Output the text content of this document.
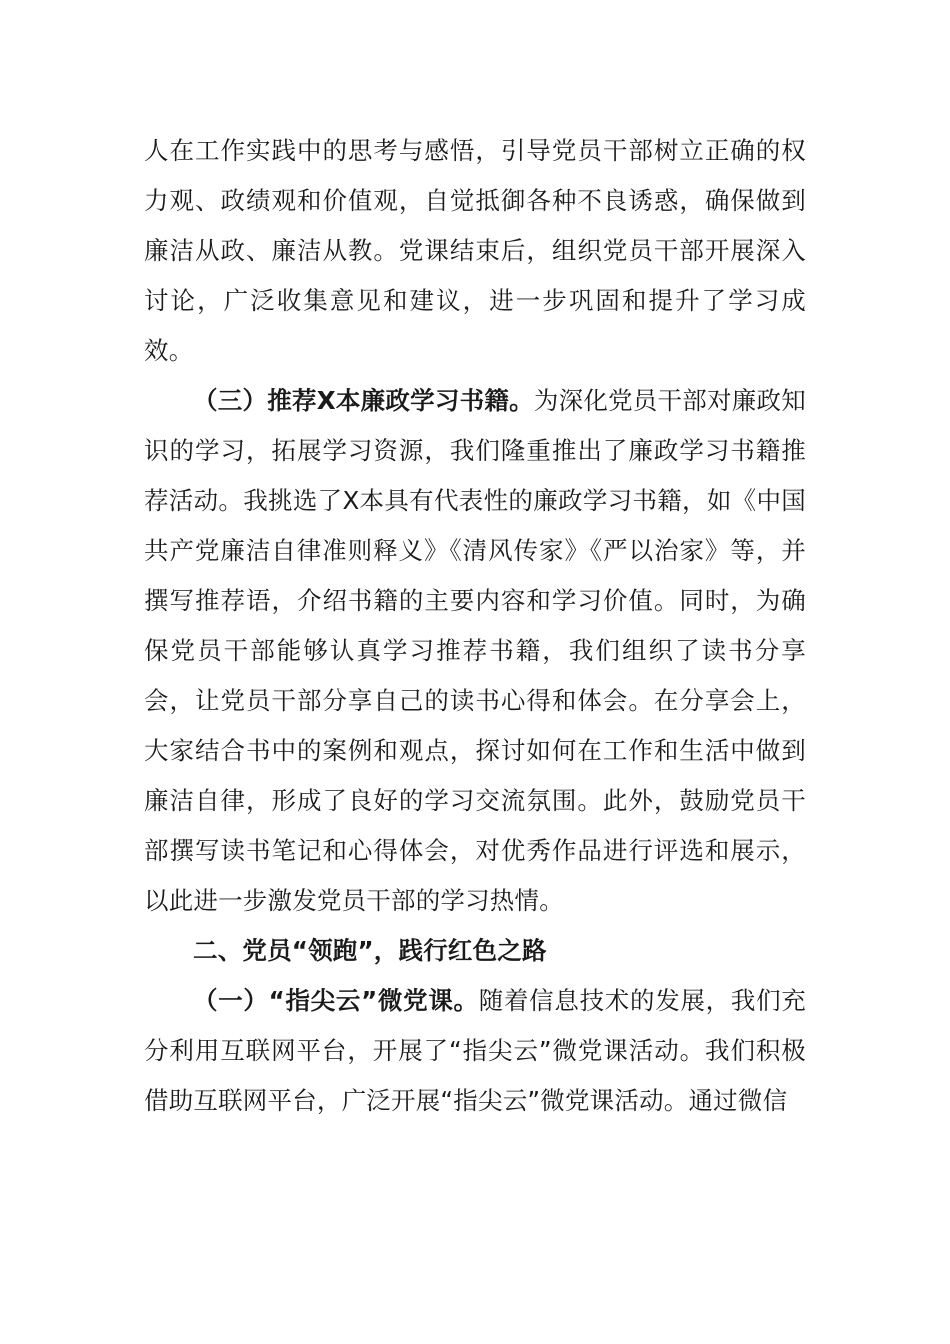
人在工作实践中的思考与感悟，引导党员干部树立正确的权力观、政绩观和价值观，自觉抵御各种不良诱惑，确保做到廉洁从政、廉洁从教。党课结束后，组织党员干部开展深入讨论，广泛收集意见和建议，进一步巩固和提升了学习成效。

（三）推荐X本廉政学习书籍。为深化党员干部对廉政知识的学习，拓展学习资源，我们隆重推出了廉政学习书籍推荐活动。我挑选了X本具有代表性的廉政学习书籍，如《中国共产党廉洁自律准则释义》《清风传家》《严以治家》等，并撰写推荐语，介绍书籍的主要内容和学习价值。同时，为确保党员干部能够认真学习推荐书籍，我们组织了读书分享会，让党员干部分享自己的读书心得和体会。在分享会上，大家结合书中的案例和观点，探讨如何在工作和生活中做到廉洁自律，形成了良好的学习交流氛围。此外，鼓励党员干部撰写读书笔记和心得体会，对优秀作品进行评选和展示，以此进一步激发党员干部的学习热情。

二、党员“领跑”，践行红色之路

（一）“指尖云”微党课。随着信息技术的发展，我们充分利用互联网平台，开展了“指尖云”微党课活动。我们积极借助互联网平台，广泛开展“指尖云”微党课活动。通过微信
